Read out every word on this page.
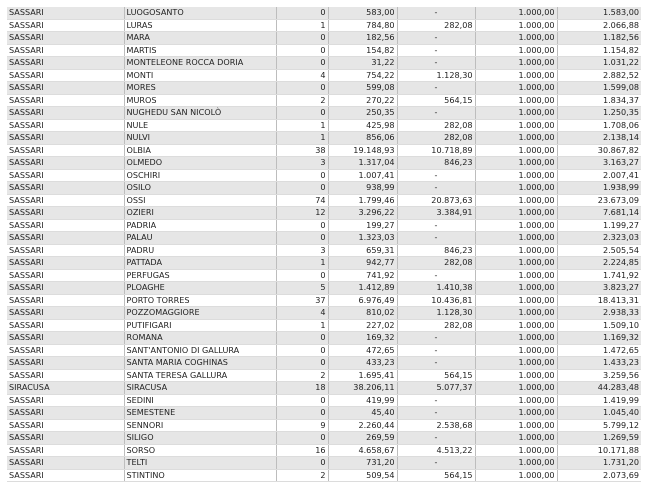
SASSARI	LUOGOSANTO	0	583,00	-	1.000,00	1.583,00
SASSARI	LURAS	1	784,80	282,08	1.000,00	2.066,88
SASSARI	MARA	0	182,56	-	1.000,00	1.182,56
SASSARI	MARTIS	0	154,82	-	1.000,00	1.154,82
SASSARI	MONTELEONE ROCCA DORIA	0	31,22	-	1.000,00	1.031,22
SASSARI	MONTI	4	754,22	1.128,30	1.000,00	2.882,52
SASSARI	MORES	0	599,08	-	1.000,00	1.599,08
SASSARI	MUROS	2	270,22	564,15	1.000,00	1.834,37
SASSARI	NUGHEDU SAN NICOLÒ	0	250,35	-	1.000,00	1.250,35
SASSARI	NULE	1	425,98	282,08	1.000,00	1.708,06
SASSARI	NULVI	1	856,06	282,08	1.000,00	2.138,14
SASSARI	OLBIA	38	19.148,93	10.718,89	1.000,00	30.867,82
SASSARI	OLMEDO	3	1.317,04	846,23	1.000,00	3.163,27
SASSARI	OSCHIRI	0	1.007,41	-	1.000,00	2.007,41
SASSARI	OSILO	0	938,99	-	1.000,00	1.938,99
SASSARI	OSSI	74	1.799,46	20.873,63	1.000,00	23.673,09
SASSARI	OZIERI	12	3.296,22	3.384,91	1.000,00	7.681,14
SASSARI	PADRIA	0	199,27	-	1.000,00	1.199,27
SASSARI	PALAU	0	1.323,03	-	1.000,00	2.323,03
SASSARI	PADRU	3	659,31	846,23	1.000,00	2.505,54
SASSARI	PATTADA	1	942,77	282,08	1.000,00	2.224,85
SASSARI	PERFUGAS	0	741,92	-	1.000,00	1.741,92
SASSARI	PLOAGHE	5	1.412,89	1.410,38	1.000,00	3.823,27
SASSARI	PORTO TORRES	37	6.976,49	10.436,81	1.000,00	18.413,31
SASSARI	POZZOMAGGIORE	4	810,02	1.128,30	1.000,00	2.938,33
SASSARI	PUTIFIGARI	1	227,02	282,08	1.000,00	1.509,10
SASSARI	ROMANA	0	169,32	-	1.000,00	1.169,32
SASSARI	SANT'ANTONIO DI GALLURA	0	472,65	-	1.000,00	1.472,65
SASSARI	SANTA MARIA COGHINAS	0	433,23	-	1.000,00	1.433,23
SASSARI	SANTA TERESA GALLURA	2	1.695,41	564,15	1.000,00	3.259,56
SIRACUSA	SIRACUSA	18	38.206,11	5.077,37	1.000,00	44.283,48
SASSARI	SEDINI	0	419,99	-	1.000,00	1.419,99
SASSARI	SEMESTENE	0	45,40	-	1.000,00	1.045,40
SASSARI	SENNORI	9	2.260,44	2.538,68	1.000,00	5.799,12
SASSARI	SILIGO	0	269,59	-	1.000,00	1.269,59
SASSARI	SORSO	16	4.658,67	4.513,22	1.000,00	10.171,88
SASSARI	TELTI	0	731,20	-	1.000,00	1.731,20
SASSARI	STINTINO	2	509,54	564,15	1.000,00	2.073,69
